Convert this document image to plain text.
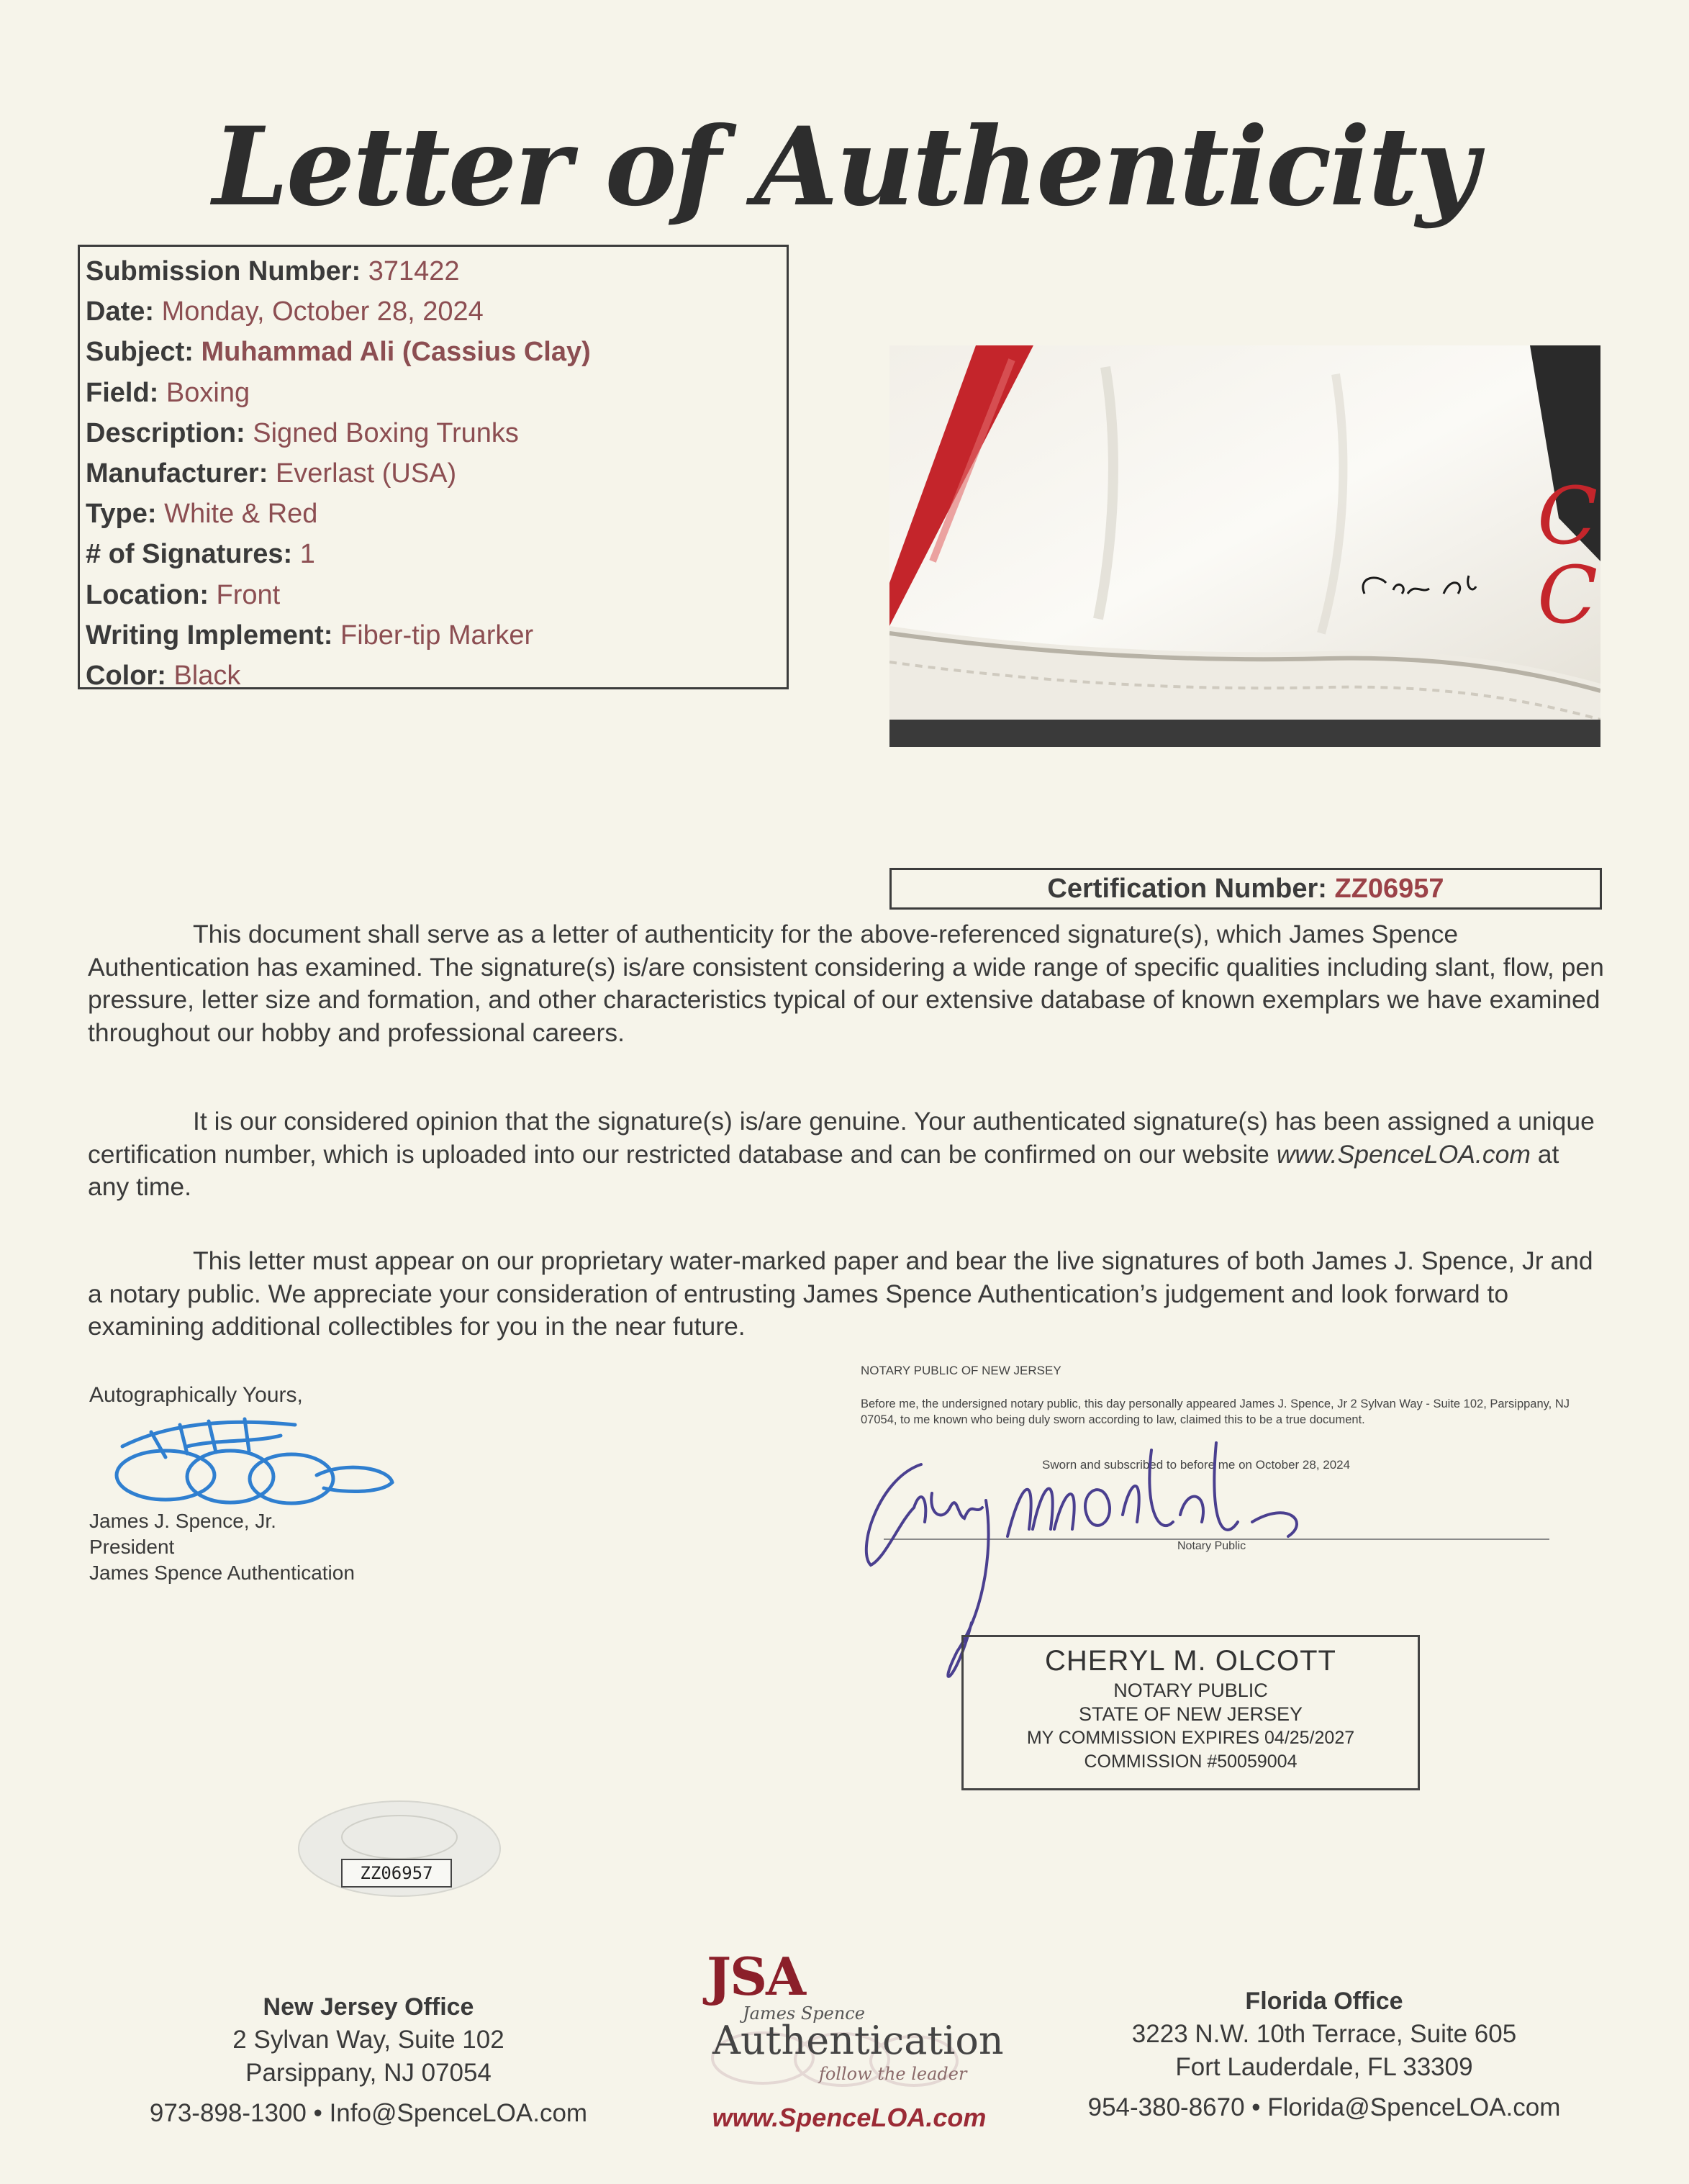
Letter of Authenticity
Submission Number: 371422
Date: Monday, October 28, 2024
Subject: Muhammad Ali (Cassius Clay)
Field: Boxing
Description: Signed Boxing Trunks
Manufacturer: Everlast (USA)
Type: White & Red
# of Signatures: 1
Location: Front
Writing Implement: Fiber-tip Marker
Color: Black
C
C
Certification Number: ZZ06957
This document shall serve as a letter of authenticity for the above-referenced signature(s), which James Spence Authentication has examined. The signature(s) is/are consistent considering a wide range of specific qualities including slant, flow, pen pressure, letter size and formation, and other characteristics typical of our extensive database of known exemplars we have examined throughout our hobby and professional careers.
It is our considered opinion that the signature(s) is/are genuine. Your authenticated signature(s) has been assigned a unique certification number, which is uploaded into our restricted database and can be confirmed on our website www.SpenceLOA.com at any time.
This letter must appear on our proprietary water-marked paper and bear the live signatures of both James J. Spence, Jr and a notary public. We appreciate your consideration of entrusting James Spence Authentication’s judgement and look forward to examining additional collectibles for you in the near future.
Autographically Yours,
James J. Spence, Jr.
President
James Spence Authentication
NOTARY PUBLIC OF NEW JERSEY
Before me, the undersigned notary public, this day personally appeared James J. Spence, Jr 2 Sylvan Way - Suite 102, Parsippany, NJ 07054, to me known who being duly sworn according to law, claimed this to be a true document.
Sworn and subscribed to before me on October 28, 2024
Notary Public
CHERYL M. OLCOTT
NOTARY PUBLIC
STATE OF NEW JERSEY
MY COMMISSION EXPIRES 04/25/2027
COMMISSION #50059004
ZZ06957
New Jersey Office
2 Sylvan Way, Suite 102
Parsippany, NJ 07054
973-898-1300 • Info@SpenceLOA.com
Florida Office
3223 N.W. 10th Terrace, Suite 605
Fort Lauderdale, FL 33309
954-380-8670 • Florida@SpenceLOA.com
JSA
James Spence
Authentication
follow the leader
www.SpenceLOA.com
